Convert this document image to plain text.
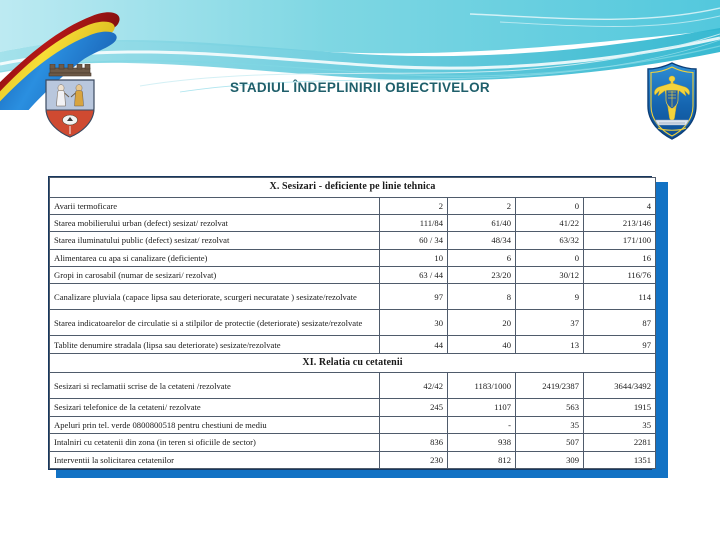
STADIUL ÎNDEPLINIRII OBIECTIVELOR
X. Sesizari - deficiente pe linie tehnica				
Avarii termoficare	2	2	0	4
Starea mobilierului urban (defect) sesizat/ rezolvat	111/84	61/40	41/22	213/146
Starea iluminatului public (defect) sesizat/ rezolvat	60 / 34	48/34	63/32	171/100
Alimentarea cu apa si canalizare (deficiente)	10	6	0	16
Gropi in carosabil (numar de sesizari/ rezolvat)	63 / 44	23/20	30/12	116/76
Canalizare pluviala (capace lipsa sau deteriorate, scurgeri necuratate ) sesizate/rezolvate	97	8	9	114
Starea indicatoarelor de circulatie si a stilpilor de protectie (deteriorate) sesizate/rezolvate	30	20	37	87
Tablite denumire stradala (lipsa sau deteriorate) sesizate/rezolvate	44	40	13	97
XI. Relatia cu cetatenii				
Sesizari si reclamatii scrise de la cetateni /rezolvate	42/42	1183/1000	2419/2387	3644/3492
Sesizari telefonice de la cetateni/ rezolvate	245	1107	563	1915
Apeluri prin tel. verde 0800800518 pentru chestiuni de mediu		-	35	35
Intalniri cu cetatenii din zona (in teren si oficiile de sector)	836	938	507	2281
Interventii la solicitarea cetatenilor	230	812	309	1351
